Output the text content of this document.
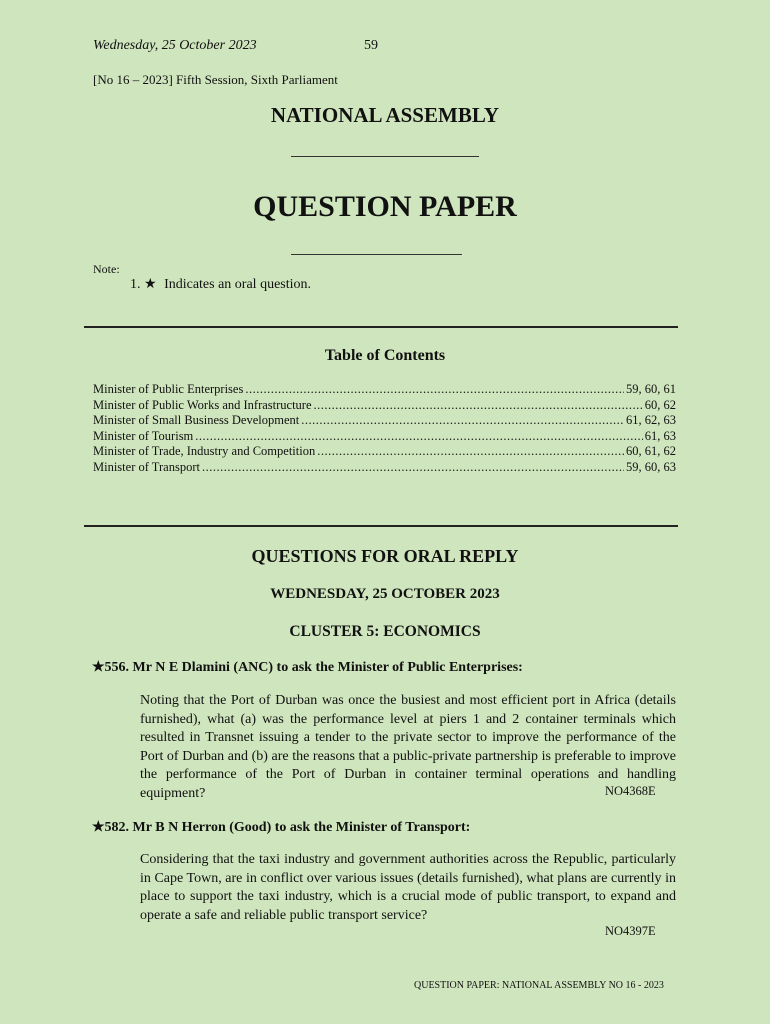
Wednesday, 25 October 2023	59
[No 16 – 2023] Fifth Session, Sixth Parliament
NATIONAL ASSEMBLY
QUESTION PAPER
Note:
1. ★ Indicates an oral question.
Table of Contents
Minister of Public Enterprises .....	59, 60, 61
Minister of Public Works and Infrastructure .....	60, 62
Minister of Small Business Development .....	61, 62, 63
Minister of Tourism .....	61, 63
Minister of Trade, Industry and Competition .....	60, 61, 62
Minister of Transport .....	59, 60, 63
QUESTIONS FOR ORAL REPLY
WEDNESDAY, 25 OCTOBER 2023
CLUSTER 5: ECONOMICS
★556. Mr N E Dlamini (ANC) to ask the Minister of Public Enterprises:
Noting that the Port of Durban was once the busiest and most efficient port in Africa (details furnished), what (a) was the performance level at piers 1 and 2 container terminals which resulted in Transnet issuing a tender to the private sector to improve the performance of the Port of Durban and (b) are the reasons that a public-private partnership is preferable to improve the performance of the Port of Durban in container terminal operations and handling equipment?	NO4368E
★582. Mr B N Herron (Good) to ask the Minister of Transport:
Considering that the taxi industry and government authorities across the Republic, particularly in Cape Town, are in conflict over various issues (details furnished), what plans are currently in place to support the taxi industry, which is a crucial mode of public transport, to expand and operate a safe and reliable public transport service?
NO4397E
QUESTION PAPER: NATIONAL ASSEMBLY NO 16 - 2023
